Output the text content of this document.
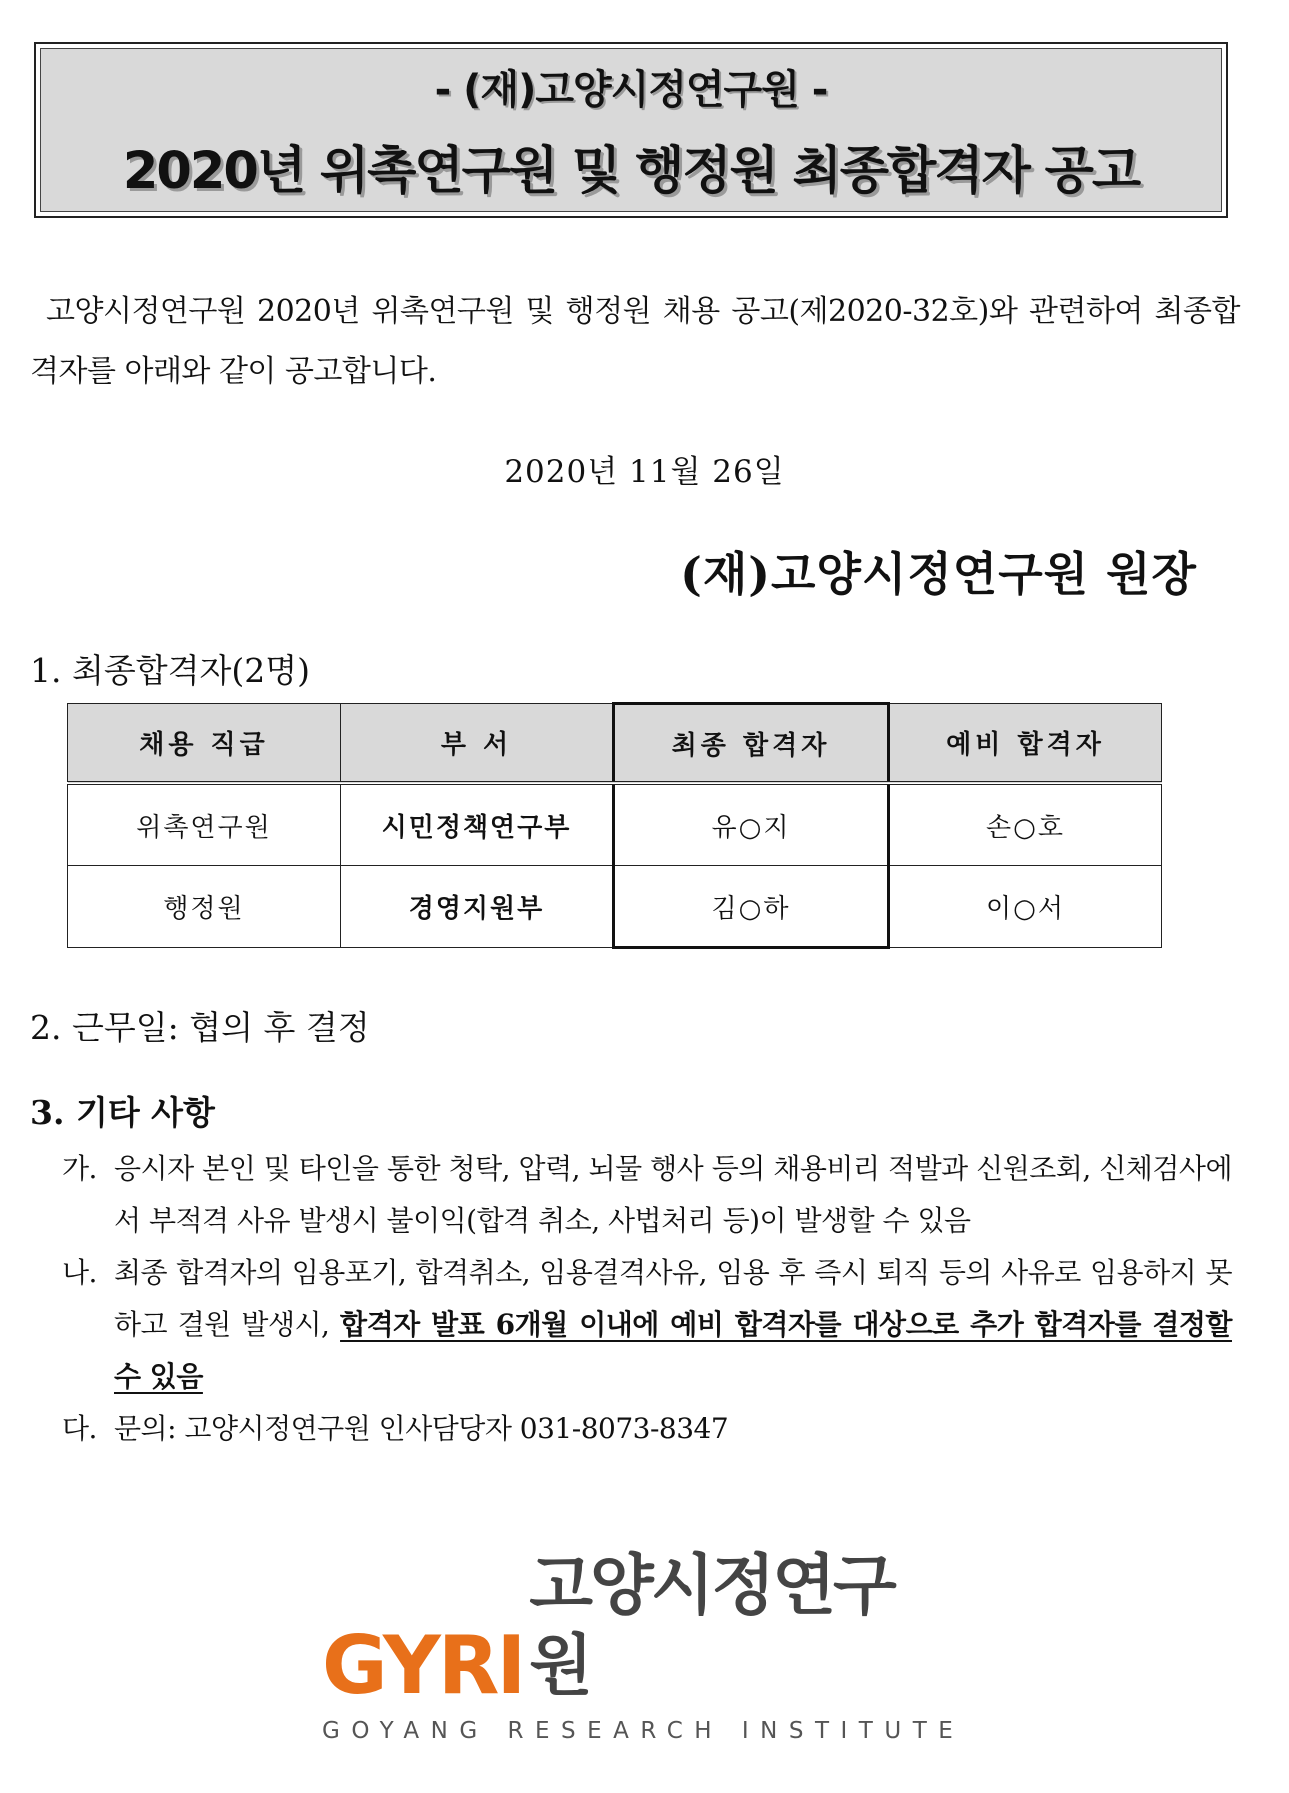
- (재)고양시정연구원 -
2020년 위촉연구원 및 행정원 최종합격자 공고

고양시정연구원 2020년 위촉연구원 및 행정원 채용 공고(제2020-32호)와 관련하여 최종합격자를 아래와 같이 공고합니다.

2020년 11월 26일
(재)고양시정연구원 원장
1. 최종합격자(2명)
채용 직급	부 서	최종 합격자	예비 합격자
위촉연구원	시민정책연구부	유○지	손○호
행정원	경영지원부	김○하	이○서
2. 근무일: 협의 후 결정
3. 기타 사항
가. 응시자 본인 및 타인을 통한 청탁, 압력, 뇌물 행사 등의 채용비리 적발과 신원조회, 신체검사에서 부적격 사유 발생시 불이익(합격 취소, 사법처리 등)이 발생할 수 있음
나. 최종 합격자의 임용포기, 합격취소, 임용결격사유, 임용 후 즉시 퇴직 등의 사유로 임용하지 못하고 결원 발생시, 합격자 발표 6개월 이내에 예비 합격자를 대상으로 추가 합격자를 결정할 수 있음
다. 문의: 고양시정연구원 인사담당자 031-8073-8347
GYRI
고양시정연구원
GOYANG RESEARCH INSTITUTE
